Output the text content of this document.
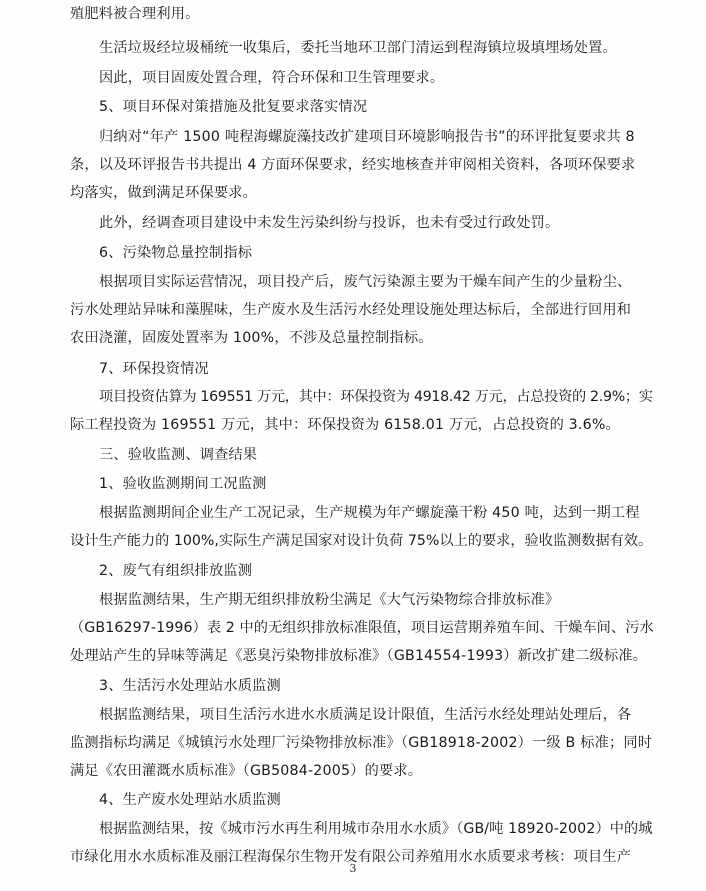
殖肥料被合理利用。
生活垃圾经垃圾桶统一收集后，委托当地环卫部门清运到程海镇垃圾填埋场处置。
因此，项目固废处置合理，符合环保和卫生管理要求。
5、项目环保对策措施及批复要求落实情况
归纳对“年产 1500 吨程海螺旋藻技改扩建项目环境影响报告书”的环评批复要求共 8
条，以及环评报告书共提出 4 方面环保要求，经实地核查并审阅相关资料，各项环保要求
均落实，做到满足环保要求。
此外，经调查项目建设中未发生污染纠纷与投诉，也未有受过行政处罚。
6、污染物总量控制指标
根据项目实际运营情况，项目投产后，废气污染源主要为干燥车间产生的少量粉尘、
污水处理站异味和藻腥味，生产废水及生活污水经处理设施处理达标后，全部进行回用和
农田浇灌，固废处置率为 100%，不涉及总量控制指标。
7、环保投资情况
项目投资估算为 169551 万元，其中：环保投资为 4918.42 万元，占总投资的 2.9%；实
际工程投资为 169551 万元，其中：环保投资为 6158.01 万元，占总投资的 3.6%。
三、验收监测、调查结果
1、验收监测期间工况监测
根据监测期间企业生产工况记录，生产规模为年产螺旋藻干粉 450 吨，达到一期工程
设计生产能力的 100%,实际生产满足国家对设计负荷 75%以上的要求，验收监测数据有效。
2、废气有组织排放监测
根据监测结果，生产期无组织排放粉尘满足《大气污染物综合排放标准》
（GB16297-1996）表 2 中的无组织排放标准限值，项目运营期养殖车间、干燥车间、污水
处理站产生的异味等满足《恶臭污染物排放标准》（GB14554-1993）新改扩建二级标准。
3、生活污水处理站水质监测
根据监测结果，项目生活污水进水水质满足设计限值，生活污水经处理站处理后，各
监测指标均满足《城镇污水处理厂污染物排放标准》（GB18918-2002）一级 B 标准；同时
满足《农田灌溉水质标准》（GB5084-2005）的要求。
4、生产废水处理站水质监测
根据监测结果，按《城市污水再生利用城市杂用水水质》（GB/吨 18920-2002）中的城
市绿化用水水质标准及丽江程海保尔生物开发有限公司养殖用水水质要求考核：项目生产
3
